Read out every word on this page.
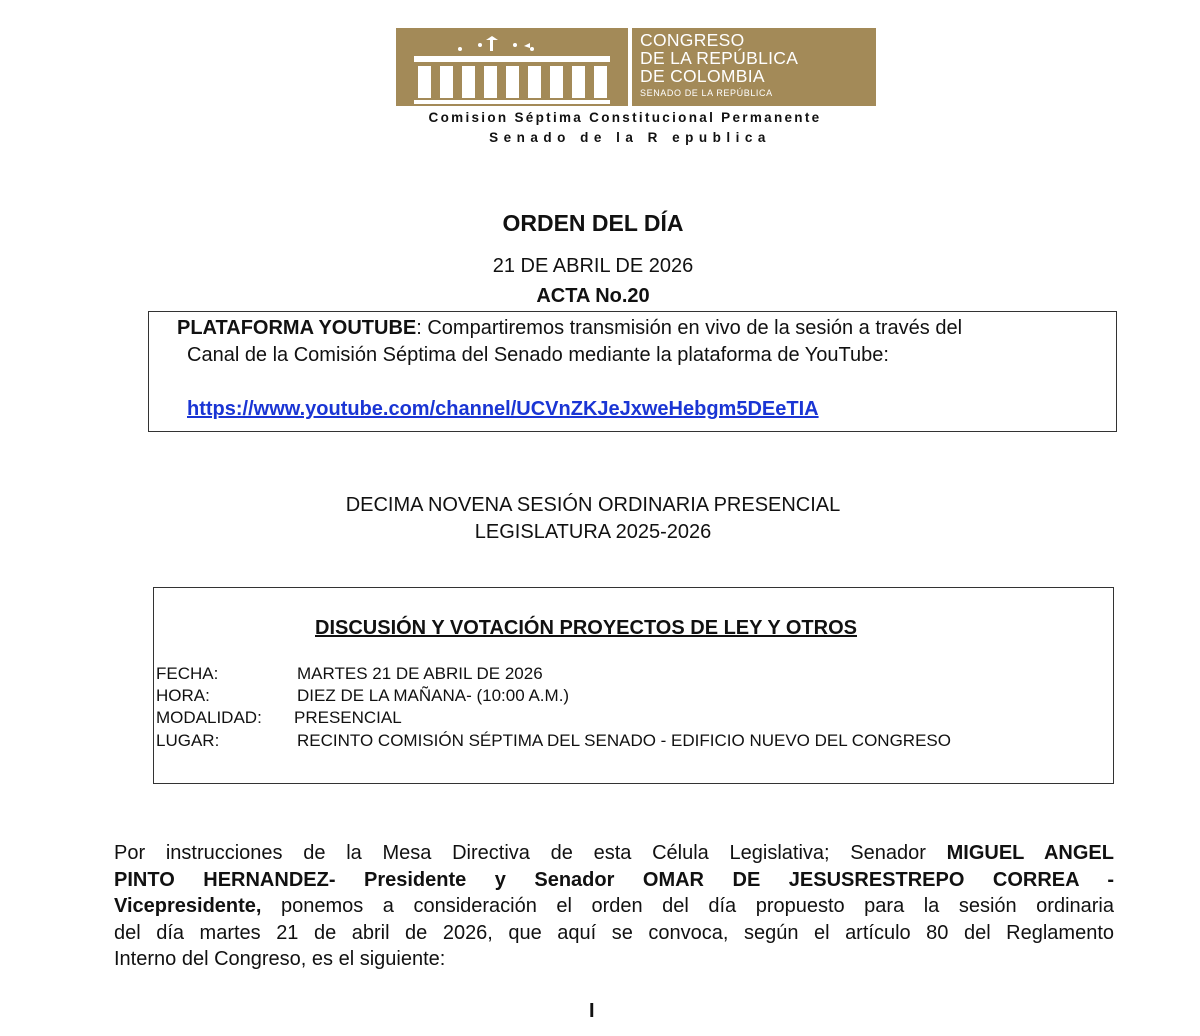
CONGRESO
DE LA REPÚBLICA
DE COLOMBIA
SENADO DE LA REPÚBLICA
Comision Séptima Constitucional Permanente
Senado de la R epublica
ORDEN DEL DÍA
21 DE ABRIL DE 2026
ACTA No.20
PLATAFORMA YOUTUBE: Compartiremos transmisión en vivo de la sesión a través del
Canal de la Comisión Séptima del Senado mediante la plataforma de YouTube:
https://www.youtube.com/channel/UCVnZKJeJxweHebgm5DEeTIA
DECIMA NOVENA SESIÓN ORDINARIA PRESENCIAL
LEGISLATURA 2025-2026
DISCUSIÓN Y VOTACIÓN PROYECTOS DE LEY Y OTROS
FECHA:	MARTES 21 DE ABRIL DE 2026
HORA:	DIEZ DE LA MAÑANA- (10:00 A.M.)
MODALIDAD: PRESENCIAL
LUGAR:	RECINTO COMISIÓN SÉPTIMA DEL SENADO - EDIFICIO NUEVO DEL CONGRESO
Por instrucciones de la Mesa Directiva de esta Célula Legislativa; Senador MIGUEL ANGEL
PINTO HERNANDEZ- Presidente y Senador OMAR DE JESUSRESTREPO CORREA -
Vicepresidente, ponemos a consideración el orden del día propuesto para la sesión ordinaria
del día martes 21 de abril de 2026, que aquí se convoca, según el artículo 80 del Reglamento
Interno del Congreso, es el siguiente:
I
